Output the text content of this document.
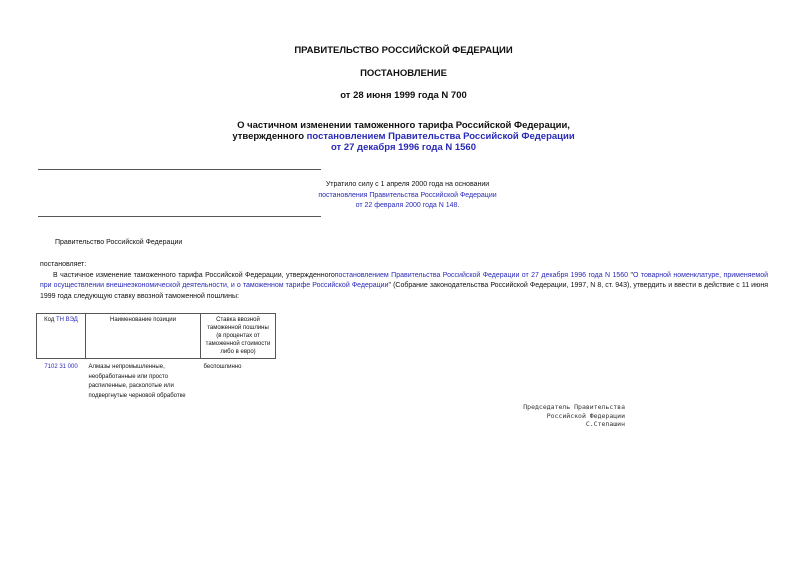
ПРАВИТЕЛЬСТВО РОССИЙСКОЙ ФЕДЕРАЦИИ
ПОСТАНОВЛЕНИЕ
от 28 июня 1999 года N 700
О частичном изменении таможенного тарифа Российской Федерации,
утвержденного постановлением Правительства Российской Федерации
от 27 декабря 1996 года N 1560
Утратило силу с 1 апреля 2000 года на основании
постановления Правительства Российской Федерации
от 22 февраля 2000 года N 148.
Правительство Российской Федерации
постановляет:
В частичное изменение таможенного тарифа Российской Федерации, утвержденногопостановлением Правительства Российской Федерации от 27 декабря 1996 года N 1560 "О товарной номенклатуре, применяемой при осуществлении внешнеэкономической деятельности, и о таможенном тарифе Российской Федерации" (Собрание законодательства Российской Федерации, 1997, N 8, ст. 943), утвердить и ввести в действие с 11 июня 1999 года следующую ставку ввозной таможенной пошлины:
Код ТН ВЭД	Наименование позиции	Ставка ввозной
таможенной пошлины
(в процентах от
таможенной стоимости
либо в евро)

7102 31 000	Алмазы непромышленные,
необработанные или просто
распиленные, расколотые или
подвергнутые черновой обработке	беспошлинно
Председатель Правительства
Российской Федерации
С.Степашин
